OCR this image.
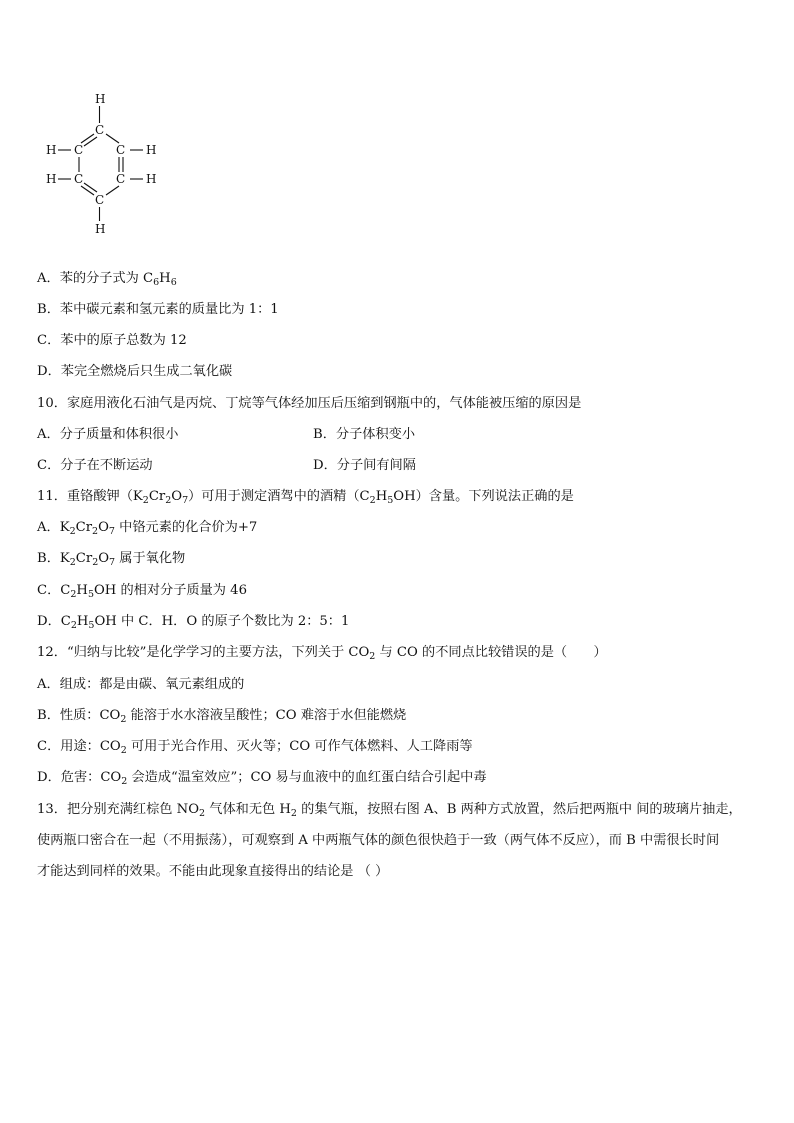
H
C
H C	C H
H C	C H
C
H
A．苯的分子式为 $C_6H_6$
B．苯中碳元素和氢元素的质量比为 1：1
C．苯中的原子总数为 12
D．苯完全燃烧后只生成二氧化碳
10．家庭用液化石油气是丙烷、丁烷等气体经加压后压缩到钢瓶中的，气体能被压缩的原因是
A．分子质量和体积很小	B．分子体积变小
C．分子在不断运动	D．分子间有间隔
11．重铬酸钾$(K_2Cr_2O_7)$可用于测定酒驾中的酒精$(C_2H_5OH)$含量。下列说法正确的是
A．$K_2Cr_2O_7$ 中铬元素的化合价为+7
B．$K_2Cr_2O_7$ 属于氧化物
C．$C_2H_5OH$ 的相对分子质量为 46
D．$C_2H_5OH$ 中 C．H．O 的原子个数比为 2：5：1
12．“归纳与比较”是化学学习的主要方法，下列关于 $CO_2$ 与 CO 的不同点比较错误的是（　　）
A．组成：都是由碳、氧元素组成的
B．性质：$CO_2$ 能溶于水水溶液呈酸性；CO 难溶于水但能燃烧
C．用途：$CO_2$ 可用于光合作用、灭火等；CO 可作气体燃料、人工降雨等
D．危害：$CO_2$ 会造成“温室效应”；CO 易与血液中的血红蛋白结合引起中毒
13．把分别充满红棕色 $NO_2$ 气体和无色 $H_2$ 的集气瓶，按照右图 A、B 两种方式放置，然后把两瓶中 间的玻璃片抽走，
使两瓶口密合在一起（不用振荡），可观察到 A 中两瓶气体的颜色很快趋于一致（两气体不反应），而 B 中需很长时间
才能达到同样的效果。不能由此现象直接得出的结论是 （ ）
